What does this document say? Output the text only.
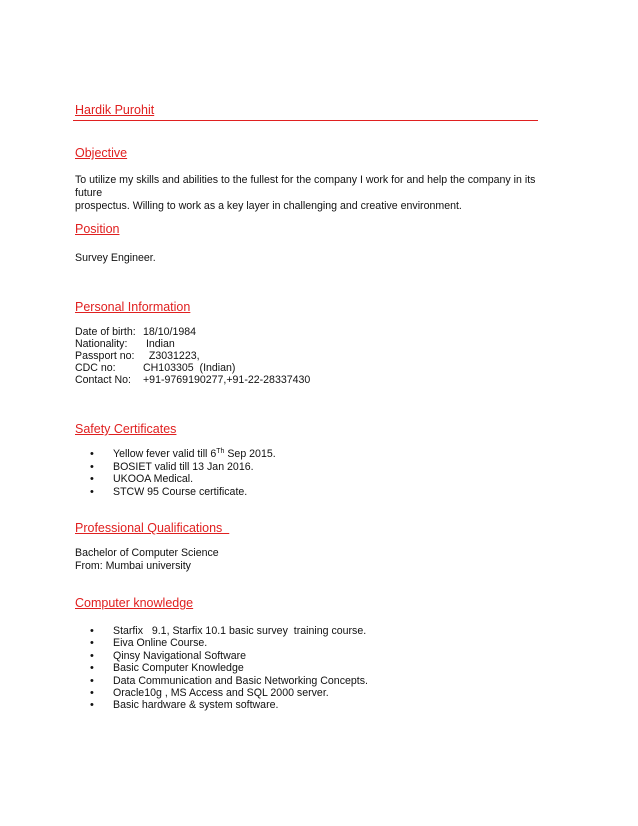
Hardik Purohit
Objective
To utilize my skills and abilities to the fullest for the company I work for and help the company in its future
prospectus. Willing to work as a key layer in challenging and creative environment.
Position
Survey Engineer.
Personal Information
Date of birth:	18/10/1984
Nationality:	Indian
Passport no:	Z3031223,
CDC no:	CH103305  (Indian)
Contact No:	+91-9769190277,+91-22-28337430
Safety Certificates
• Yellow fever valid till 6Th Sep 2015.
• BOSIET valid till 13 Jan 2016.
• UKOOA Medical.
• STCW 95 Course certificate.
Professional Qualifications
Bachelor of Computer Science
From: Mumbai university
Computer knowledge
• Starfix   9.1, Starfix 10.1 basic survey  training course.
• Eiva Online Course.
• Qinsy Navigational Software
• Basic Computer Knowledge
• Data Communication and Basic Networking Concepts.
• Oracle10g , MS Access and SQL 2000 server.
• Basic hardware & system software.
